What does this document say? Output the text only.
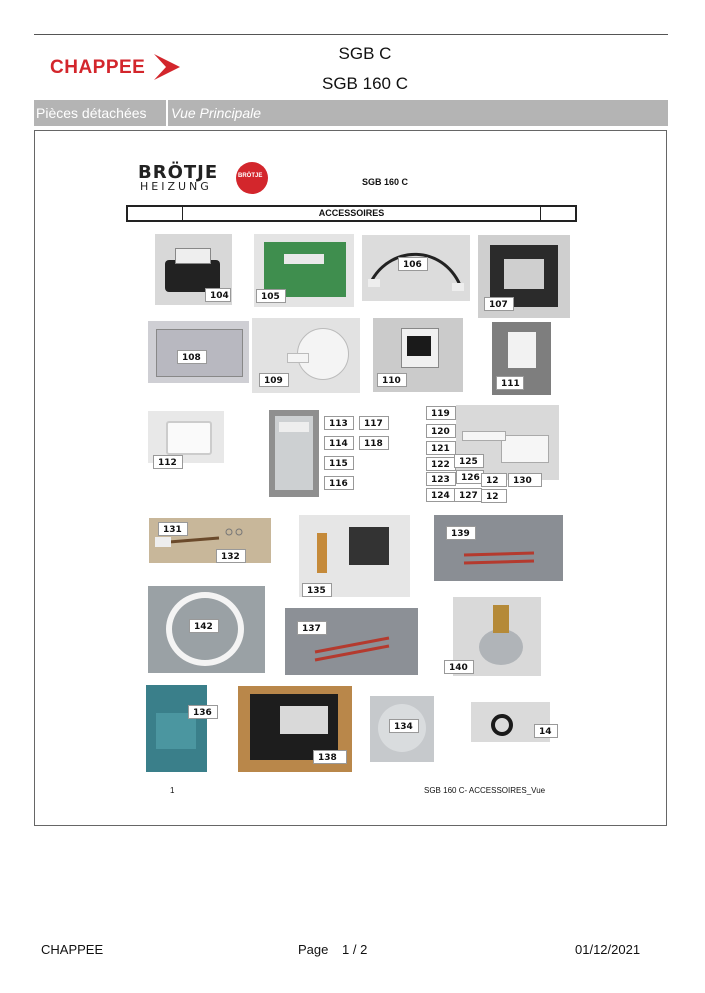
CHAPPEE
SGB C
SGB 160 C
Pièces détachées	Vue Principale
BRÖTJE
HEIZUNG
BRÖTJE
SGB 160 C
ACCESSOIRES
104	105
106
107
108
109	110	111
112
113	117
114	118
115
116
119
120
121
122	125
123	126 12	130
124	127 12
131
132
135
139
142	137
140
136
138
134	14
1	SGB 160 C- ACCESSOIRES_Vue
CHAPPEE	Page 1 / 2	01/12/2021
